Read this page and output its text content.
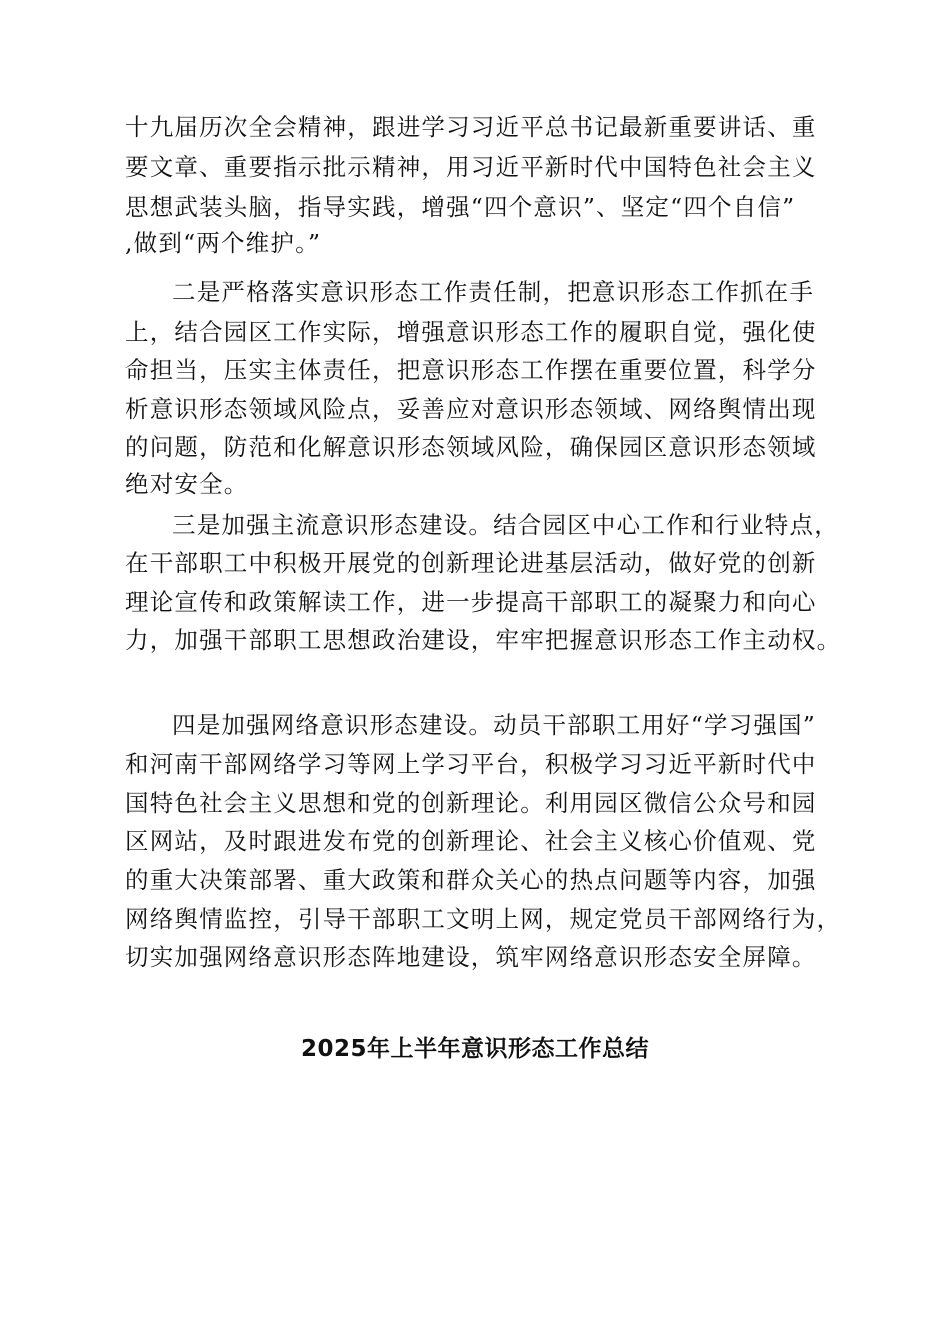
十九届历次全会精神，跟进学习习近平总书记最新重要讲话、重
要文章、重要指示批示精神，用习近平新时代中国特色社会主义
思想武装头脑，指导实践，增强“四个意识”、坚定“四个自信”
,做到“两个维护。”
二是严格落实意识形态工作责任制，把意识形态工作抓在手
上，结合园区工作实际，增强意识形态工作的履职自觉，强化使
命担当，压实主体责任，把意识形态工作摆在重要位置，科学分
析意识形态领域风险点，妥善应对意识形态领域、网络舆情出现
的问题，防范和化解意识形态领域风险，确保园区意识形态领域
绝对安全。
三是加强主流意识形态建设。结合园区中心工作和行业特点，
在干部职工中积极开展党的创新理论进基层活动，做好党的创新
理论宣传和政策解读工作，进一步提高干部职工的凝聚力和向心
力，加强干部职工思想政治建设，牢牢把握意识形态工作主动权。
四是加强网络意识形态建设。动员干部职工用好“学习强国”
和河南干部网络学习等网上学习平台，积极学习习近平新时代中
国特色社会主义思想和党的创新理论。利用园区微信公众号和园
区网站，及时跟进发布党的创新理论、社会主义核心价值观、党
的重大决策部署、重大政策和群众关心的热点问题等内容，加强
网络舆情监控，引导干部职工文明上网，规定党员干部网络行为，
切实加强网络意识形态阵地建设，筑牢网络意识形态安全屏障。
2025年上半年意识形态工作总结
